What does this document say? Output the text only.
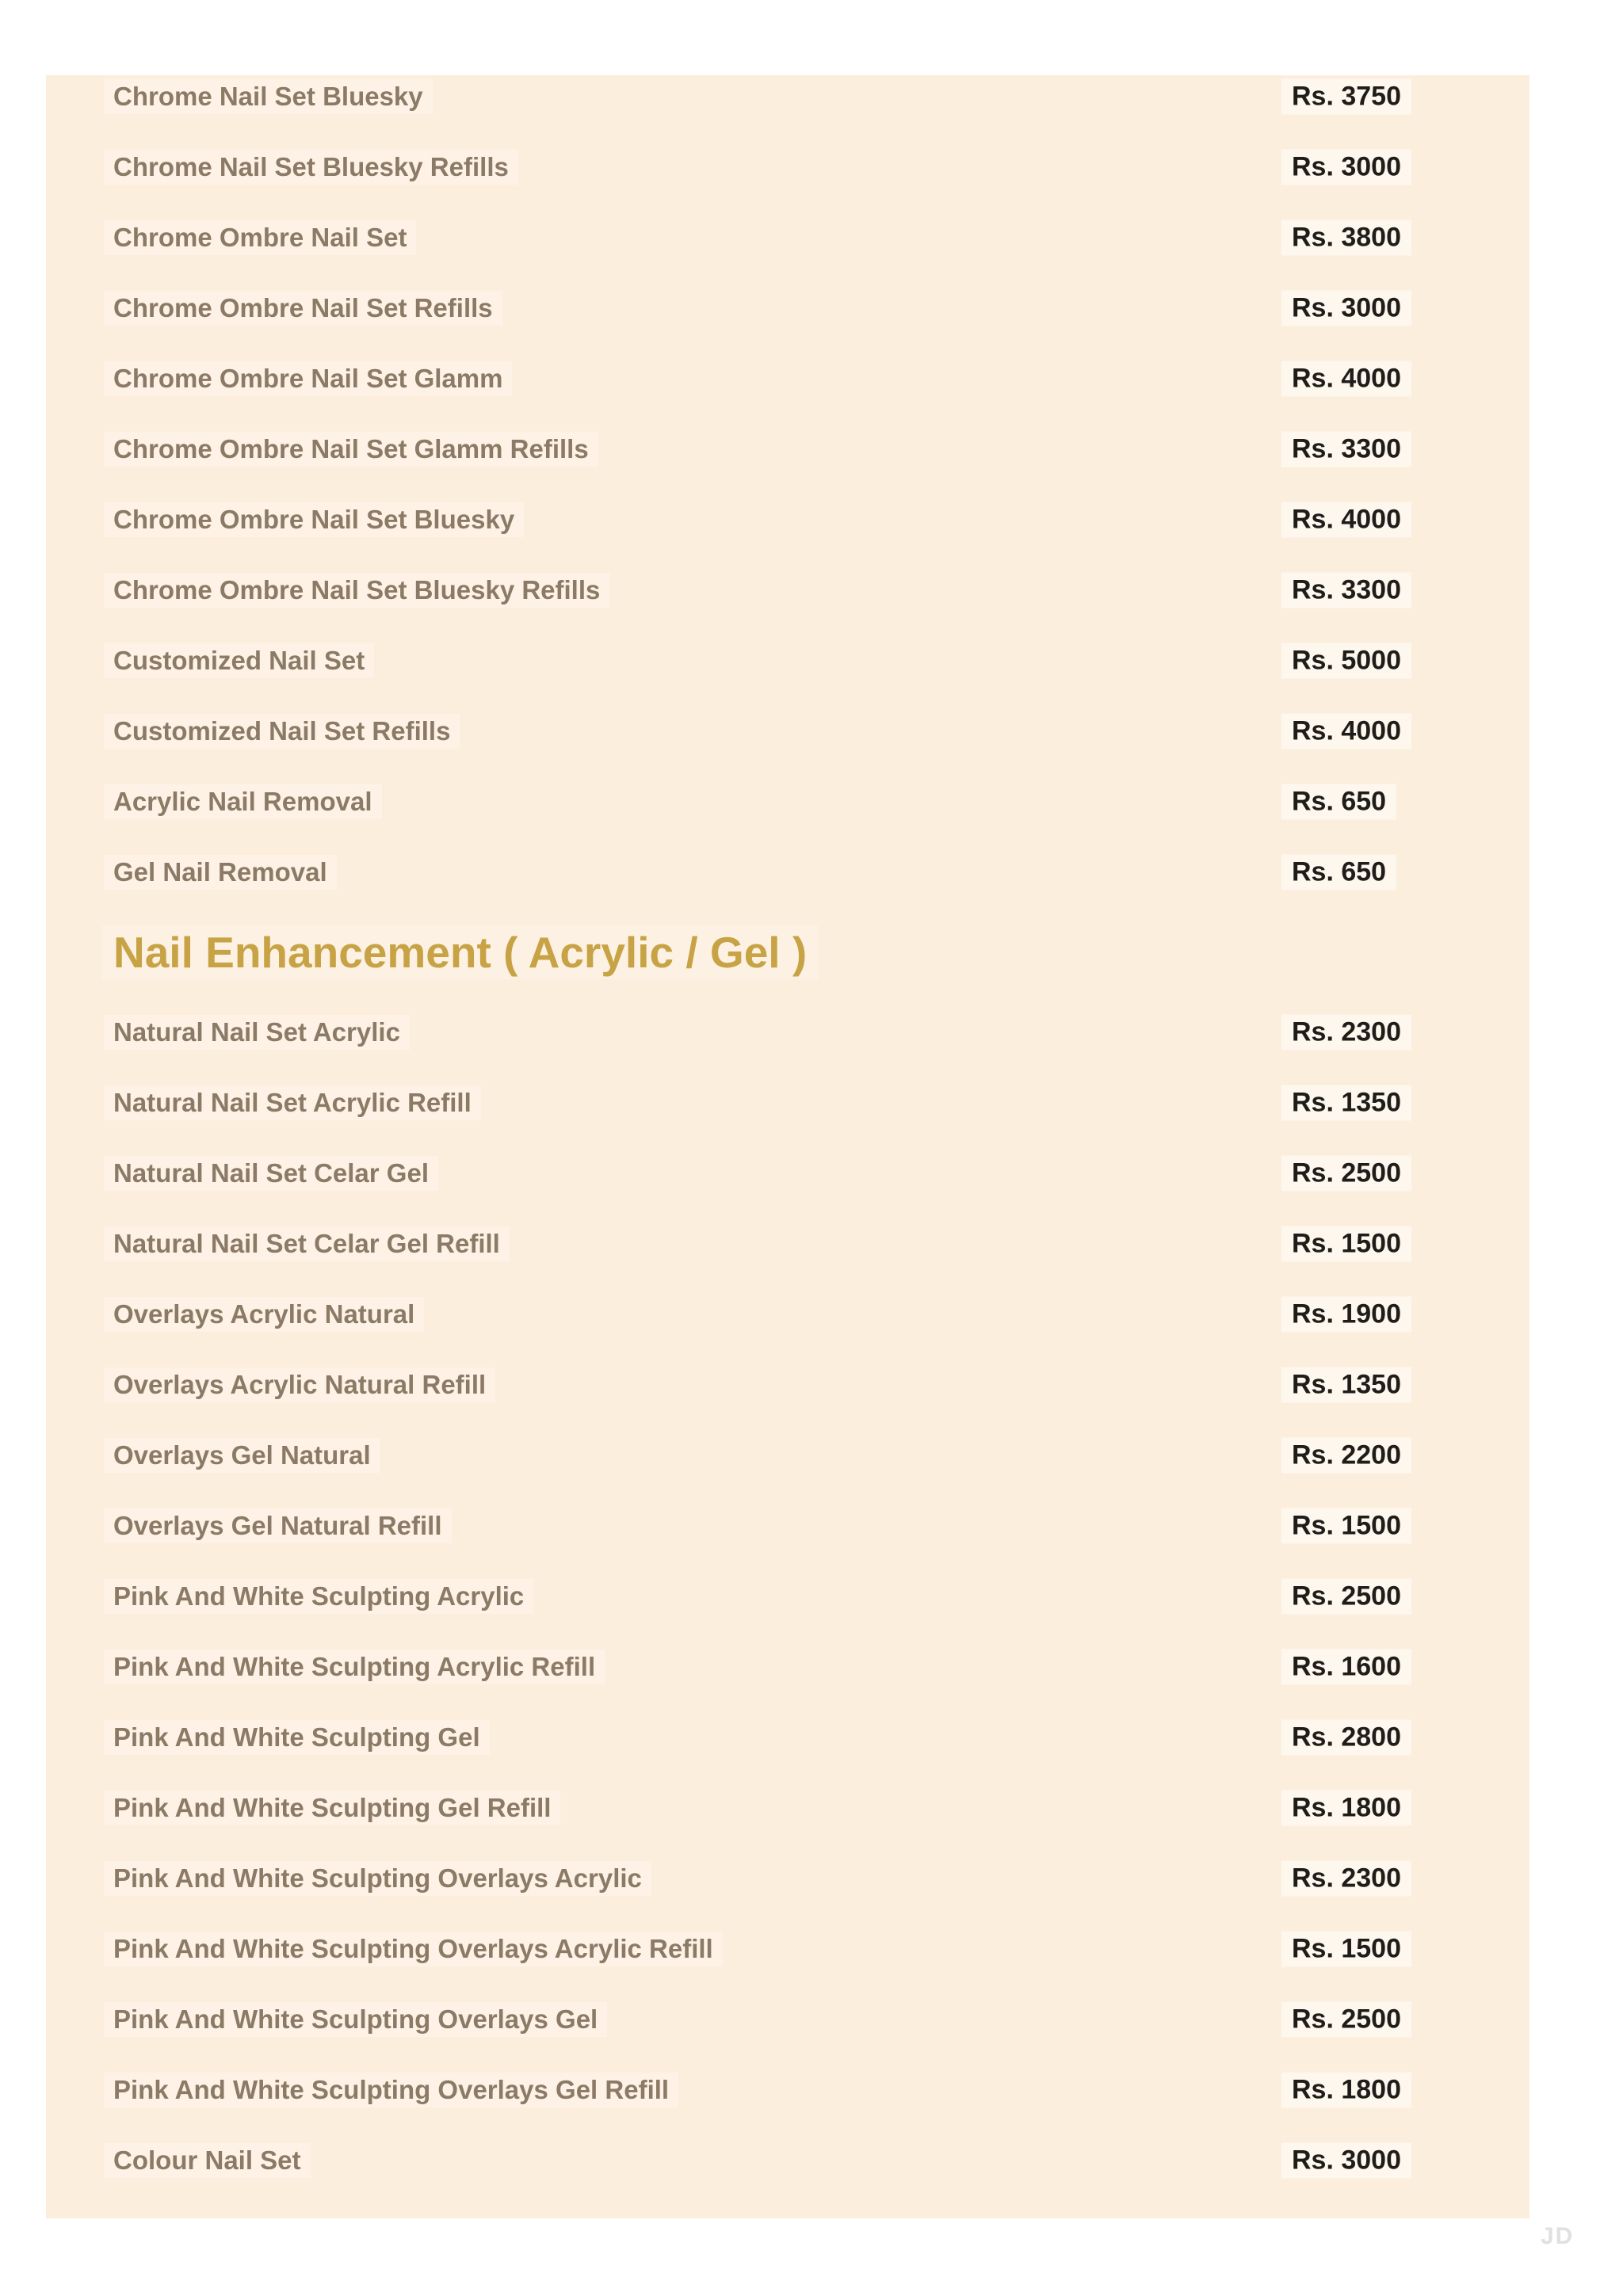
Chrome Nail Set Bluesky	Rs. 3750
Chrome Nail Set Bluesky Refills	Rs. 3000
Chrome Ombre Nail Set	Rs. 3800
Chrome Ombre Nail Set Refills	Rs. 3000
Chrome Ombre Nail Set Glamm	Rs. 4000
Chrome Ombre Nail Set Glamm Refills	Rs. 3300
Chrome Ombre Nail Set Bluesky	Rs. 4000
Chrome Ombre Nail Set Bluesky Refills	Rs. 3300
Customized Nail Set	Rs. 5000
Customized Nail Set Refills	Rs. 4000
Acrylic Nail Removal	Rs. 650
Gel Nail Removal	Rs. 650
Nail Enhancement ( Acrylic / Gel )
Natural Nail Set Acrylic	Rs. 2300
Natural Nail Set Acrylic Refill	Rs. 1350
Natural Nail Set Celar Gel	Rs. 2500
Natural Nail Set Celar Gel Refill	Rs. 1500
Overlays Acrylic Natural	Rs. 1900
Overlays Acrylic Natural Refill	Rs. 1350
Overlays Gel Natural	Rs. 2200
Overlays Gel Natural Refill	Rs. 1500
Pink And White Sculpting Acrylic	Rs. 2500
Pink And White Sculpting Acrylic Refill	Rs. 1600
Pink And White Sculpting Gel	Rs. 2800
Pink And White Sculpting Gel Refill	Rs. 1800
Pink And White Sculpting Overlays Acrylic	Rs. 2300
Pink And White Sculpting Overlays Acrylic Refill	Rs. 1500
Pink And White Sculpting Overlays Gel	Rs. 2500
Pink And White Sculpting Overlays Gel Refill	Rs. 1800
Colour Nail Set	Rs. 3000
JD
